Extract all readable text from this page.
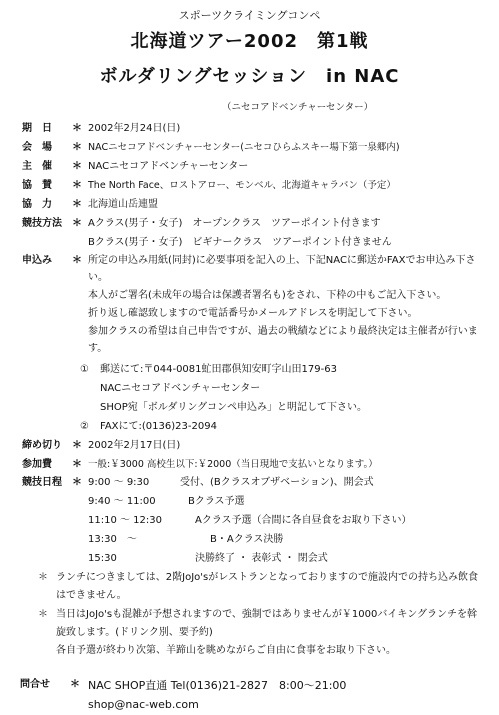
スポーツクライミングコンペ
北海道ツアー2002　第1戦
ボルダリングセッション　in NAC
（ニセコアドベンチャーセンター）
期　日 ＊ 2002年2月24日(日)
会　場 ＊ NACニセコアドベンチャーセンター(ニセコひらふスキー場下第一泉郷内)
主　催 ＊ NACニセコアドベンチャーセンター
協　賛 ＊ The North Face、ロストアロー、モンベル、北海道キャラバン（予定）
協　力 ＊ 北海道山岳連盟
競技方法 ＊ Aクラス(男子・女子)　オープンクラス　ツアーポイント付きます
Bクラス(男子・女子)　ビギナークラス　ツアーポイント付きません
申込み ＊ 所定の申込み用紙(同封)に必要事項を記入の上、下記NACに郵送かFAXでお申込み下さい。
本人がご署名(未成年の場合は保護者署名も)をされ、下枠の中もご記入下さい。
折り返し確認致しますので電話番号かメールアドレスを明記して下さい。
参加クラスの希望は自己申告ですが、過去の戦績などにより最終決定は主催者が行います。
① 郵送にて:〒044-0081虻田郡倶知安町字山田179-63
NACニセコアドベンチャーセンター
SHOP宛「ボルダリングコンペ申込み」と明記して下さい。
② FAXにて:(0136)23-2094
締め切り ＊ 2002年2月17日(日)
参加費 ＊ 一般:￥3000 高校生以下:￥2000（当日現地で支払いとなります。）
競技日程 ＊ 9:00 ～ 9:30	受付、(Bクラスオブザベーション)、開会式
9:40 ～ 11:00	Bクラス予選
11:10 ～ 12:30	Aクラス予選（合間に各自昼食をお取り下さい）
13:30　～	B・Aクラス決勝
15:30	決勝終了 ・ 表彰式 ・ 閉会式
＊ ランチにつきましては、2階JoJo'sがレストランとなっておりますので施設内での持ち込み飲食はできません。
＊ 当日はJoJo'sも混雑が予想されますので、強制ではありませんが￥1000バイキングランチを斡旋致します。(ドリンク別、要予約)
各自予選が終わり次第、羊蹄山を眺めながらご自由に食事をお取り下さい。
問合せ ＊ NAC SHOP直通 Tel(0136)21-2827　8:00～21:00
shop@nac-web.com
